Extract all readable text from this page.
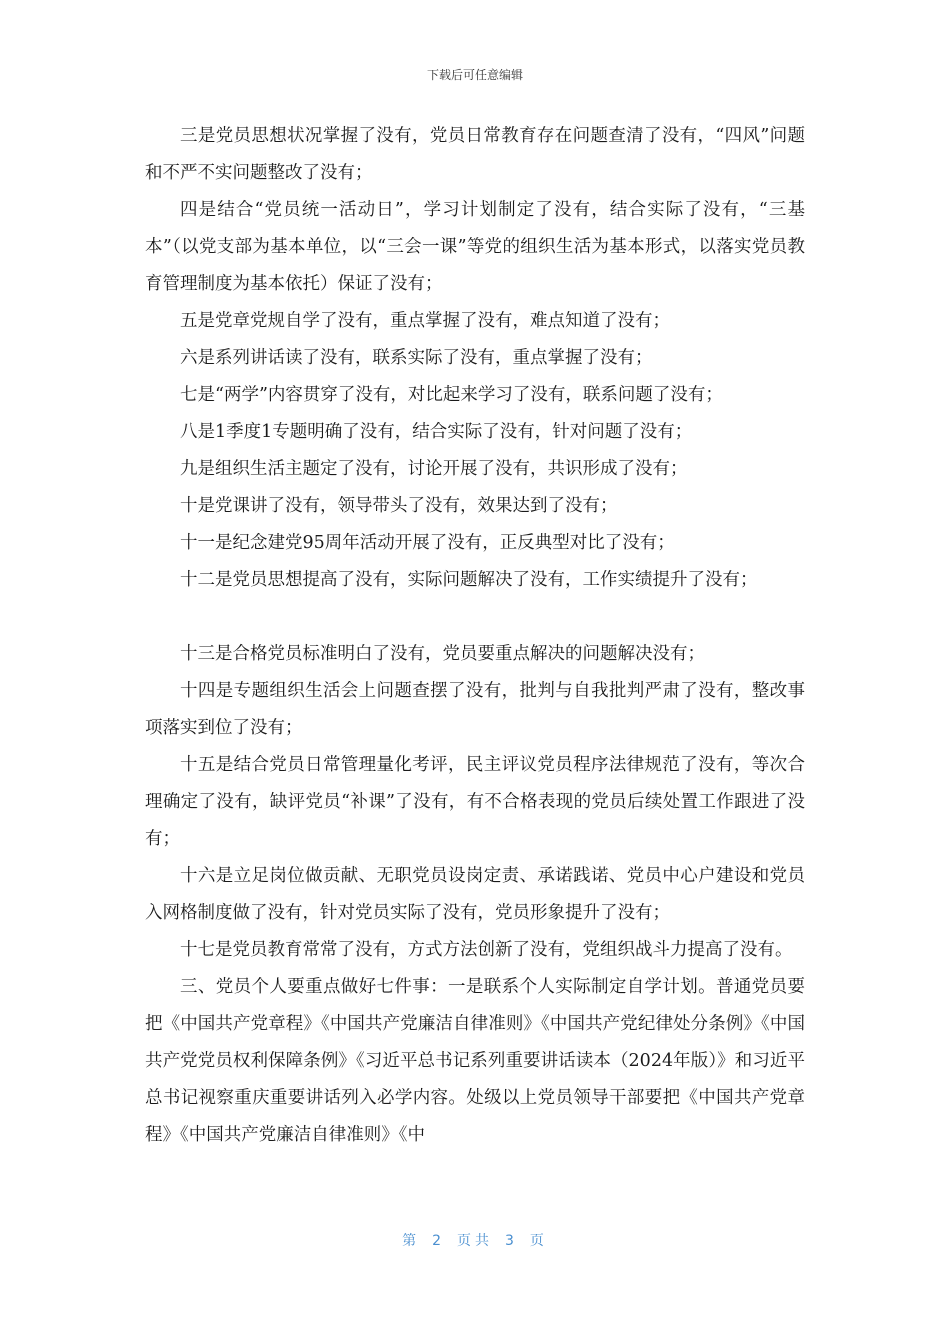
下载后可任意编辑

三是党员思想状况掌握了没有，党员日常教育存在问题查清了没有，“四风”问题和不严不实问题整改了没有；

四是结合“党员统一活动日”，学习计划制定了没有，结合实际了没有，“三基本”（以党支部为基本单位，以“三会一课”等党的组织生活为基本形式，以落实党员教育管理制度为基本依托）保证了没有；

五是党章党规自学了没有，重点掌握了没有，难点知道了没有；

六是系列讲话读了没有，联系实际了没有，重点掌握了没有；

七是“两学”内容贯穿了没有，对比起来学习了没有，联系问题了没有；

八是1季度1专题明确了没有，结合实际了没有，针对问题了没有；

九是组织生活主题定了没有，讨论开展了没有，共识形成了没有；

十是党课讲了没有，领导带头了没有，效果达到了没有；

十一是纪念建党95周年活动开展了没有，正反典型对比了没有；

十二是党员思想提高了没有，实际问题解决了没有，工作实绩提升了没有；

十三是合格党员标准明白了没有，党员要重点解决的问题解决没有；

十四是专题组织生活会上问题查摆了没有，批判与自我批判严肃了没有，整改事项落实到位了没有；

十五是结合党员日常管理量化考评，民主评议党员程序法律规范了没有，等次合理确定了没有，缺评党员“补课”了没有，有不合格表现的党员后续处置工作跟进了没有；

十六是立足岗位做贡献、无职党员设岗定责、承诺践诺、党员中心户建设和党员入网格制度做了没有，针对党员实际了没有，党员形象提升了没有；

十七是党员教育常常了没有，方式方法创新了没有，党组织战斗力提高了没有。

三、党员个人要重点做好七件事：一是联系个人实际制定自学计划。普通党员要把《中国共产党章程》《中国共产党廉洁自律准则》《中国共产党纪律处分条例》《中国共产党党员权利保障条例》《习近平总书记系列重要讲话读本（2024年版）》和习近平总书记视察重庆重要讲话列入必学内容。处级以上党员领导干部要把《中国共产党章程》《中国共产党廉洁自律准则》《中

第 2 页共 3 页
